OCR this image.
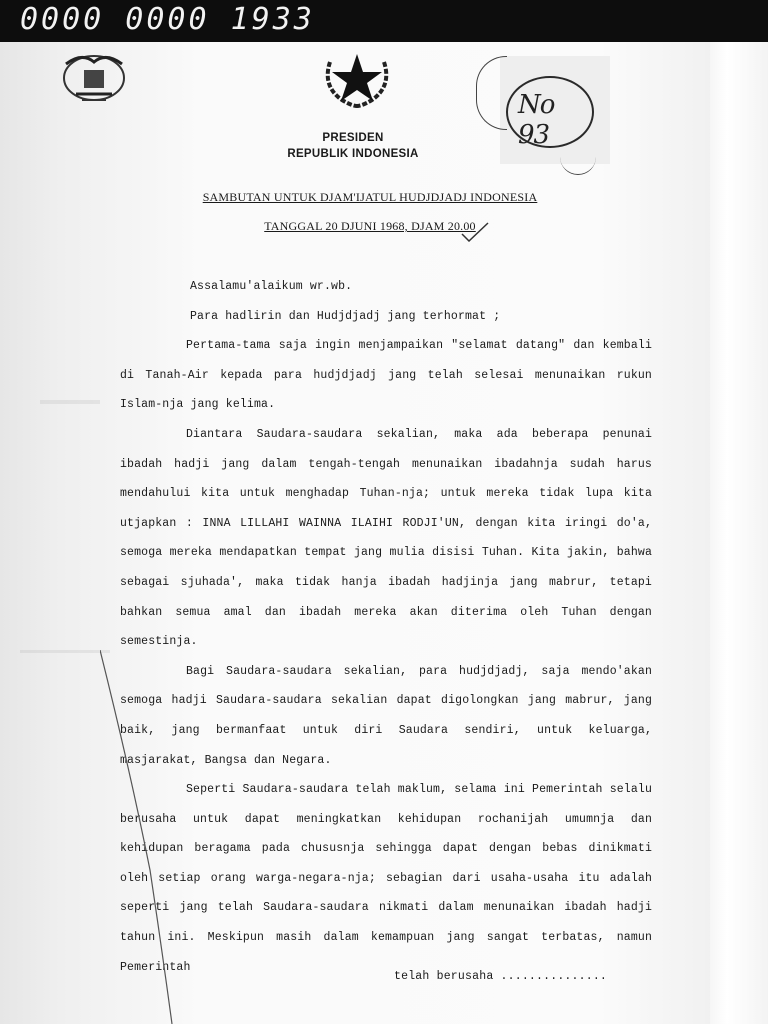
0000 0000 1933
No 93
PRESIDEN
REPUBLIK INDONESIA
SAMBUTAN UNTUK DJAM'IJATUL HUDJDJADJ INDONESIA
TANGGAL 20 DJUNI 1968, DJAM 20.00

Assalamu'alaikum wr.wb.

Para hadlirin dan Hudjdjadj jang terhormat ;

Pertama-tama saja ingin menjampaikan "selamat datang" dan kembali di Tanah-Air kepada para hudjdjadj jang telah selesai menunaikan rukun Islam-nja jang kelima.

Diantara Saudara-saudara sekalian, maka ada beberapa penunai ibadah hadji jang dalam tengah-tengah menunaikan ibadahnja sudah harus mendahului kita untuk menghadap Tuhan-nja; untuk mereka tidak lupa kita utjapkan : INNA LILLAHI WAINNA ILAIHI RODJI'UN, dengan kita iringi do'a, semoga mereka mendapatkan tempat jang mulia disisi Tuhan. Kita jakin, bahwa sebagai sjuhada', maka tidak hanja ibadah hadjinja jang mabrur, tetapi bahkan semua amal dan ibadah mereka akan diterima oleh Tuhan dengan semestinja.

Bagi Saudara-saudara sekalian, para hudjdjadj, saja mendo'akan semoga hadji Saudara-saudara sekalian dapat digolongkan jang mabrur, jang baik, jang bermanfaat untuk diri Saudara sendiri, untuk keluarga, masjarakat, Bangsa dan Negara.

Seperti Saudara-saudara telah maklum, selama ini Pemerintah selalu berusaha untuk dapat meningkatkan kehidupan rochanijah umumnja dan kehidupan beragama pada chususnja sehingga dapat dengan bebas dinikmati oleh setiap orang warga-negara-nja; sebagian dari usaha-usaha itu adalah seperti jang telah Saudara-saudara nikmati dalam menunaikan ibadah hadji tahun ini. Meskipun masih dalam kemampuan jang sangat terbatas, namun Pemerintah

telah berusaha ...............
